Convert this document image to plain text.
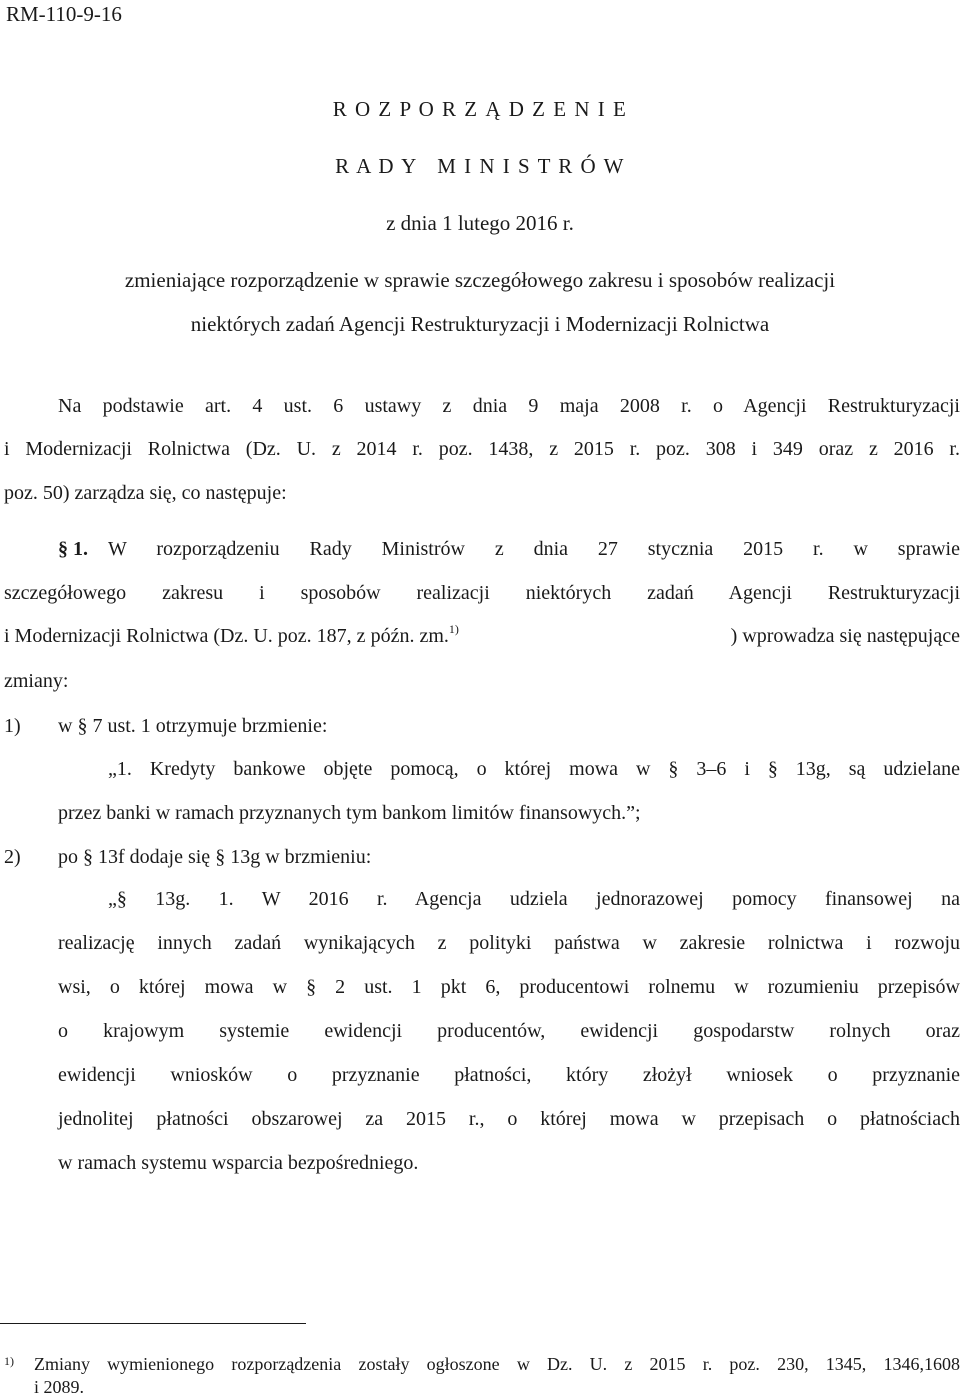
RM-110-9-16
R O Z P O R Z Ą D Z E N I E
R A D Y   M I N I S T R Ó W
z dnia 1 lutego 2016 r.
zmieniające rozporządzenie w sprawie szczegółowego zakresu i sposobów realizacji
niektórych zadań Agencji Restrukturyzacji i Modernizacji Rolnictwa
Na podstawie art. 4 ust. 6 ustawy z dnia 9 maja 2008 r. o Agencji Restrukturyzacji
i Modernizacji Rolnictwa (Dz. U. z 2014 r. poz. 1438, z 2015 r. poz. 308 i 349 oraz z 2016 r.
poz. 50) zarządza się, co następuje:
§ 1. W rozporządzeniu Rady Ministrów z dnia 27 stycznia 2015 r. w sprawie
szczegółowego zakresu i sposobów realizacji niektórych zadań Agencji Restrukturyzacji
i Modernizacji Rolnictwa (Dz. U. poz. 187, z późn. zm.$^{1)}$	) wprowadza się następujące
zmiany:
1) w § 7 ust. 1 otrzymuje brzmienie:
„1. Kredyty bankowe objęte pomocą, o której mowa w § 3–6 i § 13g, są udzielane
przez banki w ramach przyznanych tym bankom limitów finansowych.”;
2) po § 13f dodaje się § 13g w brzmieniu:
„§ 13g. 1. W 2016 r. Agencja udziela jednorazowej pomocy finansowej na
realizację innych zadań wynikających z polityki państwa w zakresie rolnictwa i rozwoju
wsi, o której mowa w § 2 ust. 1 pkt 6, producentowi rolnemu w rozumieniu przepisów
o krajowym systemie ewidencji producentów, ewidencji gospodarstw rolnych oraz
ewidencji wniosków o przyznanie płatności, który złożył wniosek o przyznanie
jednolitej płatności obszarowej za 2015 r., o której mowa w przepisach o płatnościach
w ramach systemu wsparcia bezpośredniego.
1) Zmiany wymienionego rozporządzenia zostały ogłoszone w Dz. U. z 2015 r. poz. 230, 1345, 1346,1608
i 2089.
